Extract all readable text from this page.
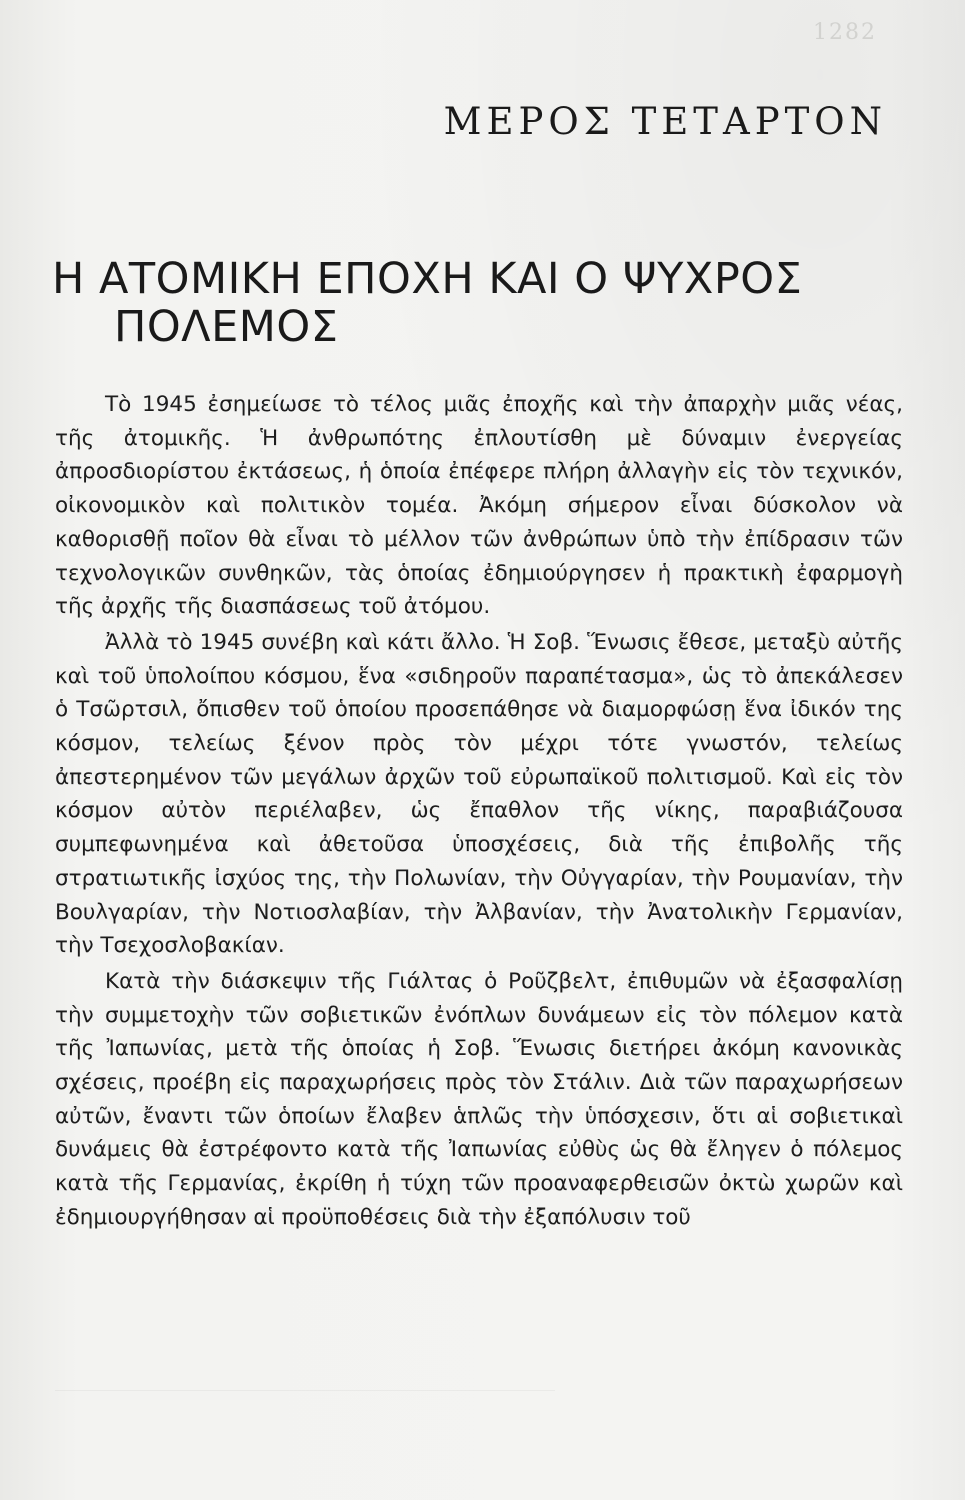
1282
ΜΕΡΟΣ ΤΕΤΑΡΤΟΝ
Η ΑΤΟΜΙΚΗ ΕΠΟΧΗ ΚΑΙ Ο ΨΥΧΡΟΣ
ΠΟΛΕΜΟΣ

Τὸ 1945 ἐσημείωσε τὸ τέλος μιᾶς ἐποχῆς καὶ τὴν ἀπαρχὴν μιᾶς νέας, τῆς ἀτομικῆς. Ἡ ἀνθρωπότης ἐπλουτίσθη μὲ δύναμιν ἐνεργείας ἀπροσδιορίστου ἐκτάσεως, ἡ ὁποία ἐπέφερε πλήρη ἀλλαγὴν εἰς τὸν τεχνικόν, οἰκονομικὸν καὶ πολιτικὸν τομέα. Ἀκόμη σήμερον εἶναι δύσκολον νὰ καθορισθῇ ποῖον θὰ εἶναι τὸ μέλλον τῶν ἀνθρώπων ὑπὸ τὴν ἐπίδρασιν τῶν τεχνολογικῶν συνθηκῶν, τὰς ὁποίας ἐδημιούργησεν ἡ πρακτικὴ ἐφαρμογὴ τῆς ἀρχῆς τῆς διασπάσεως τοῦ ἀτόμου.

Ἀλλὰ τὸ 1945 συνέβη καὶ κάτι ἄλλο. Ἡ Σοβ. Ἕνωσις ἔθεσε, μεταξὺ αὐτῆς καὶ τοῦ ὑπολοίπου κόσμου, ἕνα «σιδηροῦν παραπέτασμα», ὡς τὸ ἀπεκάλεσεν ὁ Τσῶρτσιλ, ὄπισθεν τοῦ ὁποίου προσεπάθησε νὰ διαμορφώσῃ ἕνα ἰδικόν της κόσμον, τελείως ξένον πρὸς τὸν μέχρι τότε γνωστόν, τελείως ἀπεστερημένον τῶν μεγάλων ἀρχῶν τοῦ εὐρωπαϊκοῦ πολιτισμοῦ. Καὶ εἰς τὸν κόσμον αὐτὸν περιέλαβεν, ὡς ἔπαθλον τῆς νίκης, παραβιάζουσα συμπεφωνημένα καὶ ἀθετοῦσα ὑποσχέσεις, διὰ τῆς ἐπιβολῆς τῆς στρατιωτικῆς ἰσχύος της, τὴν Πολωνίαν, τὴν Οὐγγαρίαν, τὴν Ρουμανίαν, τὴν Βουλγαρίαν, τὴν Νοτιοσλαβίαν, τὴν Ἀλβανίαν, τὴν Ἀνατολικὴν Γερμανίαν, τὴν Τσεχοσλοβακίαν.

Κατὰ τὴν διάσκεψιν τῆς Γιάλτας ὁ Ροῦζβελτ, ἐπιθυμῶν νὰ ἐξασφαλίσῃ τὴν συμμετοχὴν τῶν σοβιετικῶν ἐνόπλων δυνάμεων εἰς τὸν πόλεμον κατὰ τῆς Ἰαπωνίας, μετὰ τῆς ὁποίας ἡ Σοβ. Ἕνωσις διετήρει ἀκόμη κανονικὰς σχέσεις, προέβη εἰς παραχωρήσεις πρὸς τὸν Στάλιν. Διὰ τῶν παραχωρήσεων αὐτῶν, ἔναντι τῶν ὁποίων ἔλαβεν ἁπλῶς τὴν ὑπόσχεσιν, ὅτι αἱ σοβιετικαὶ δυνάμεις θὰ ἐστρέφοντο κατὰ τῆς Ἰαπωνίας εὐθὺς ὡς θὰ ἔληγεν ὁ πόλεμος κατὰ τῆς Γερμανίας, ἐκρίθη ἡ τύχη τῶν προαναφερθεισῶν ὀκτὼ χωρῶν καὶ ἐδημιουργήθησαν αἱ προϋποθέσεις διὰ τὴν ἐξαπόλυσιν τοῦ
